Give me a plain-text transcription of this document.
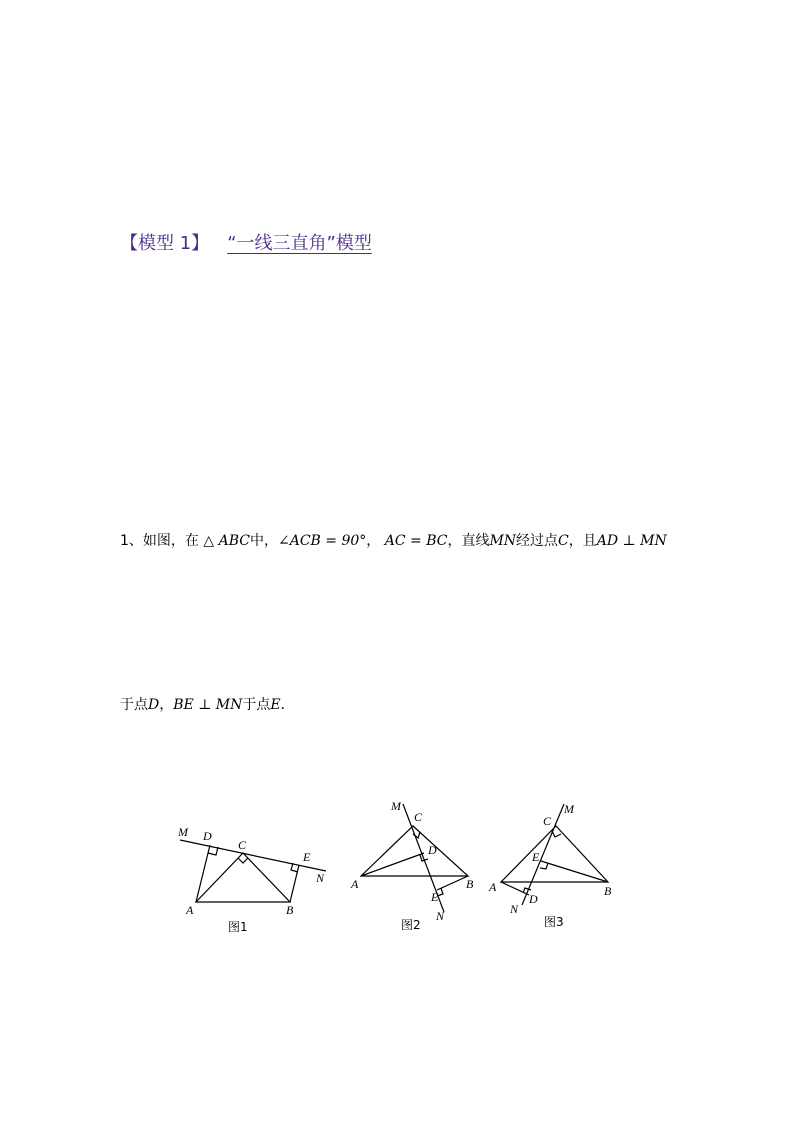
【模型 1】 “一线三直角”模型
1、如图，在 △ ABC中，∠ACB = 90°， AC = BC，直线MN经过点C，且AD ⊥ MN
于点D，BE ⊥ MN于点E．
M D
C
E
N
A	B
图1
M
C
D
A	B
E
N
图2
C
M
E
A	B
N
D
图3
